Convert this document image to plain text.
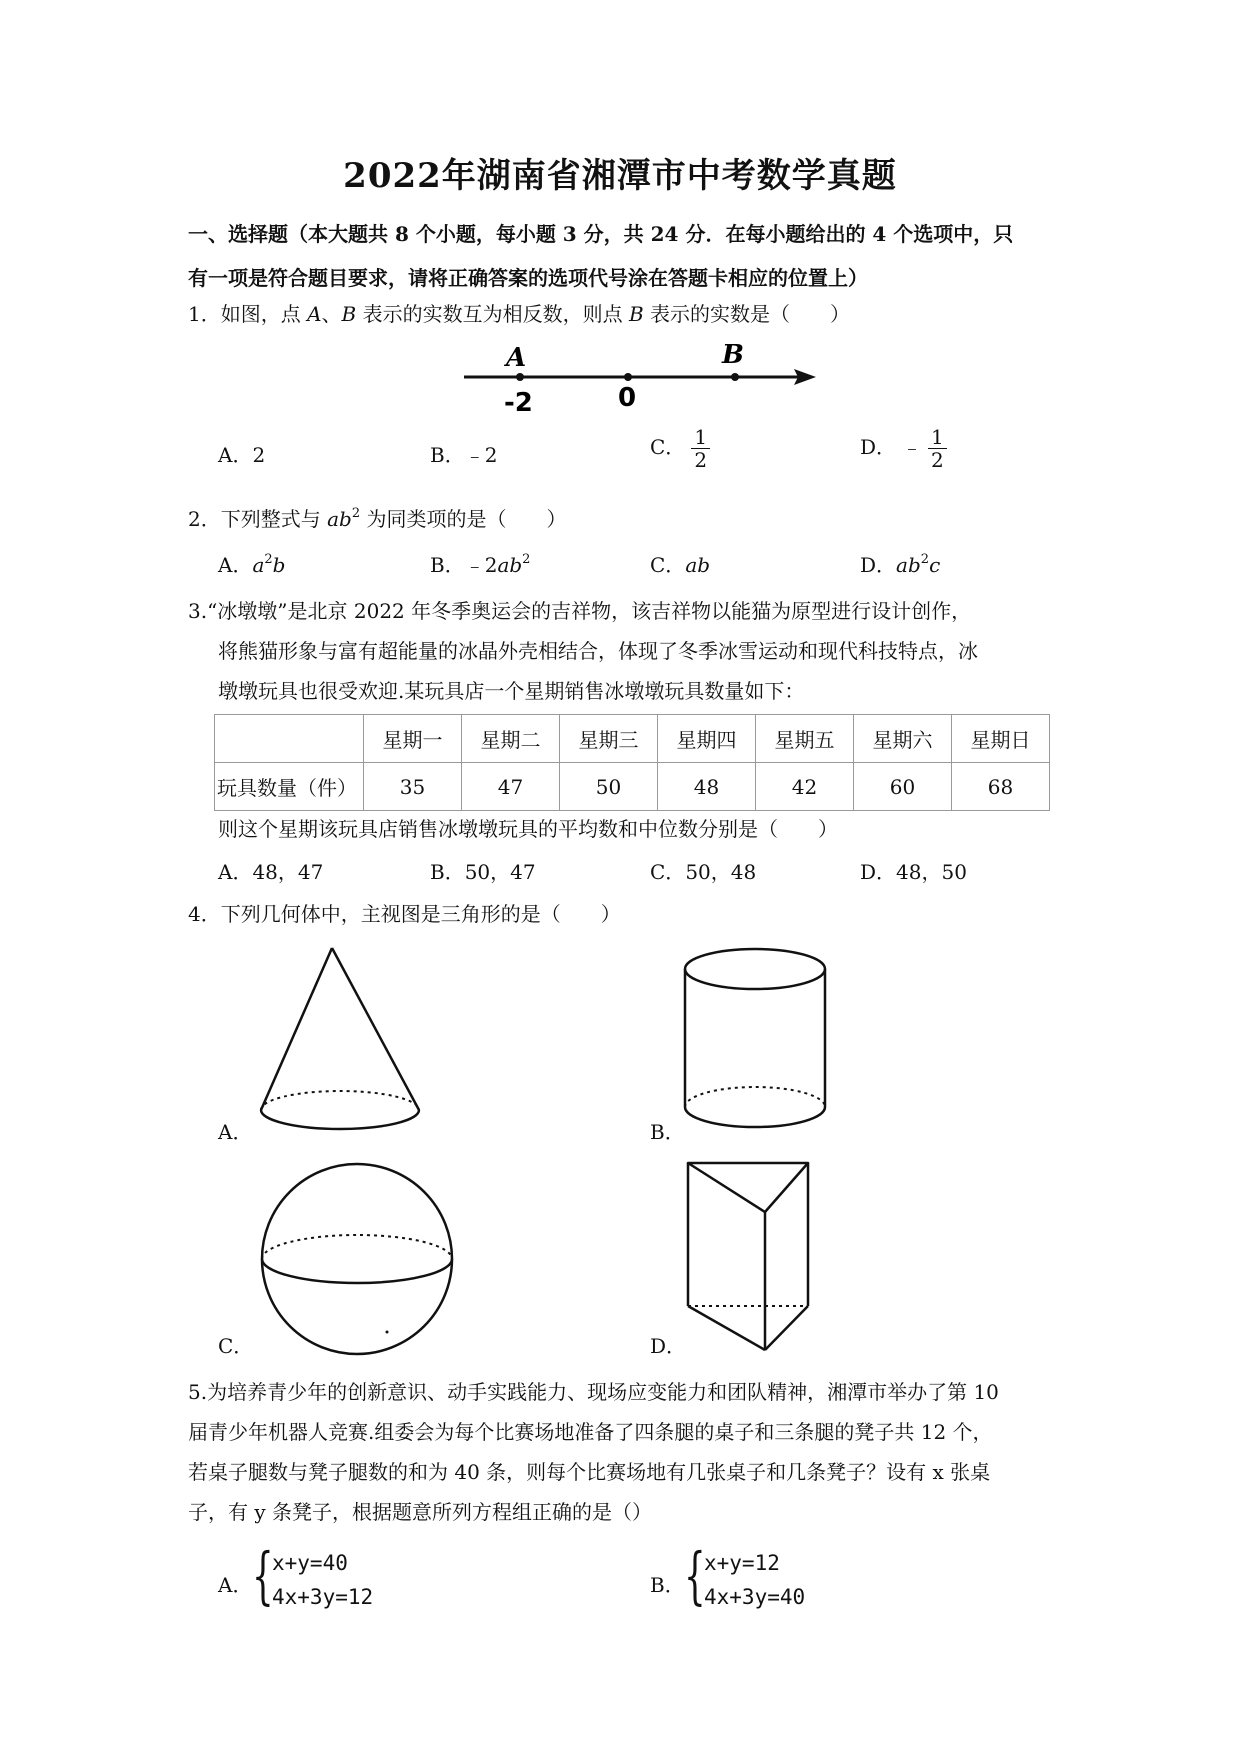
2022年湖南省湘潭市中考数学真题
一、选择题（本大题共 8 个小题，每小题 3 分，共 24 分．在每小题给出的 4 个选项中，只
有一项是符合题目要求，请将正确答案的选项代号涂在答题卡相应的位置上）
1．如图，点 A、B 表示的实数互为相反数，则点 B 表示的实数是（　　）
A	B
-2	0
A．2	B．﹣2	C． $\frac{1}{2}$	D． ﹣ $\frac{1}{2}$
2．下列整式与 $ab^2$ 为同类项的是（　　）
A．$a^2b$	B．$﹣2ab^2$	C．ab	D．$ab^2c$
3.“冰墩墩”是北京 2022 年冬季奥运会的吉祥物，该吉祥物以能猫为原型进行设计创作，
将熊猫形象与富有超能量的冰晶外壳相结合，体现了冬季冰雪运动和现代科技特点，冰
墩墩玩具也很受欢迎.某玩具店一个星期销售冰墩墩玩具数量如下：
	星期一	星期二	星期三	星期四	星期五	星期六	星期日
玩具数量（件）	35	47	50	48	42	60	68
则这个星期该玩具店销售冰墩墩玩具的平均数和中位数分别是（　　）
A．48，47	B．50，47	C．50，48	D．48，50
4．下列几何体中，主视图是三角形的是（　　）
A．	B．
C．	D．
5.为培养青少年的创新意识、动手实践能力、现场应变能力和团队精神，湘潭市举办了第 10
届青少年机器人竞赛.组委会为每个比赛场地准备了四条腿的桌子和三条腿的凳子共 12 个，
若桌子腿数与凳子腿数的和为 40 条，则每个比赛场地有几张桌子和几条凳子？设有 x 张桌
子，有 y 条凳子，根据题意所列方程组正确的是（）
A． {
x+y=40
4x+3y=12	B． {
x+y=12
4x+3y=40
